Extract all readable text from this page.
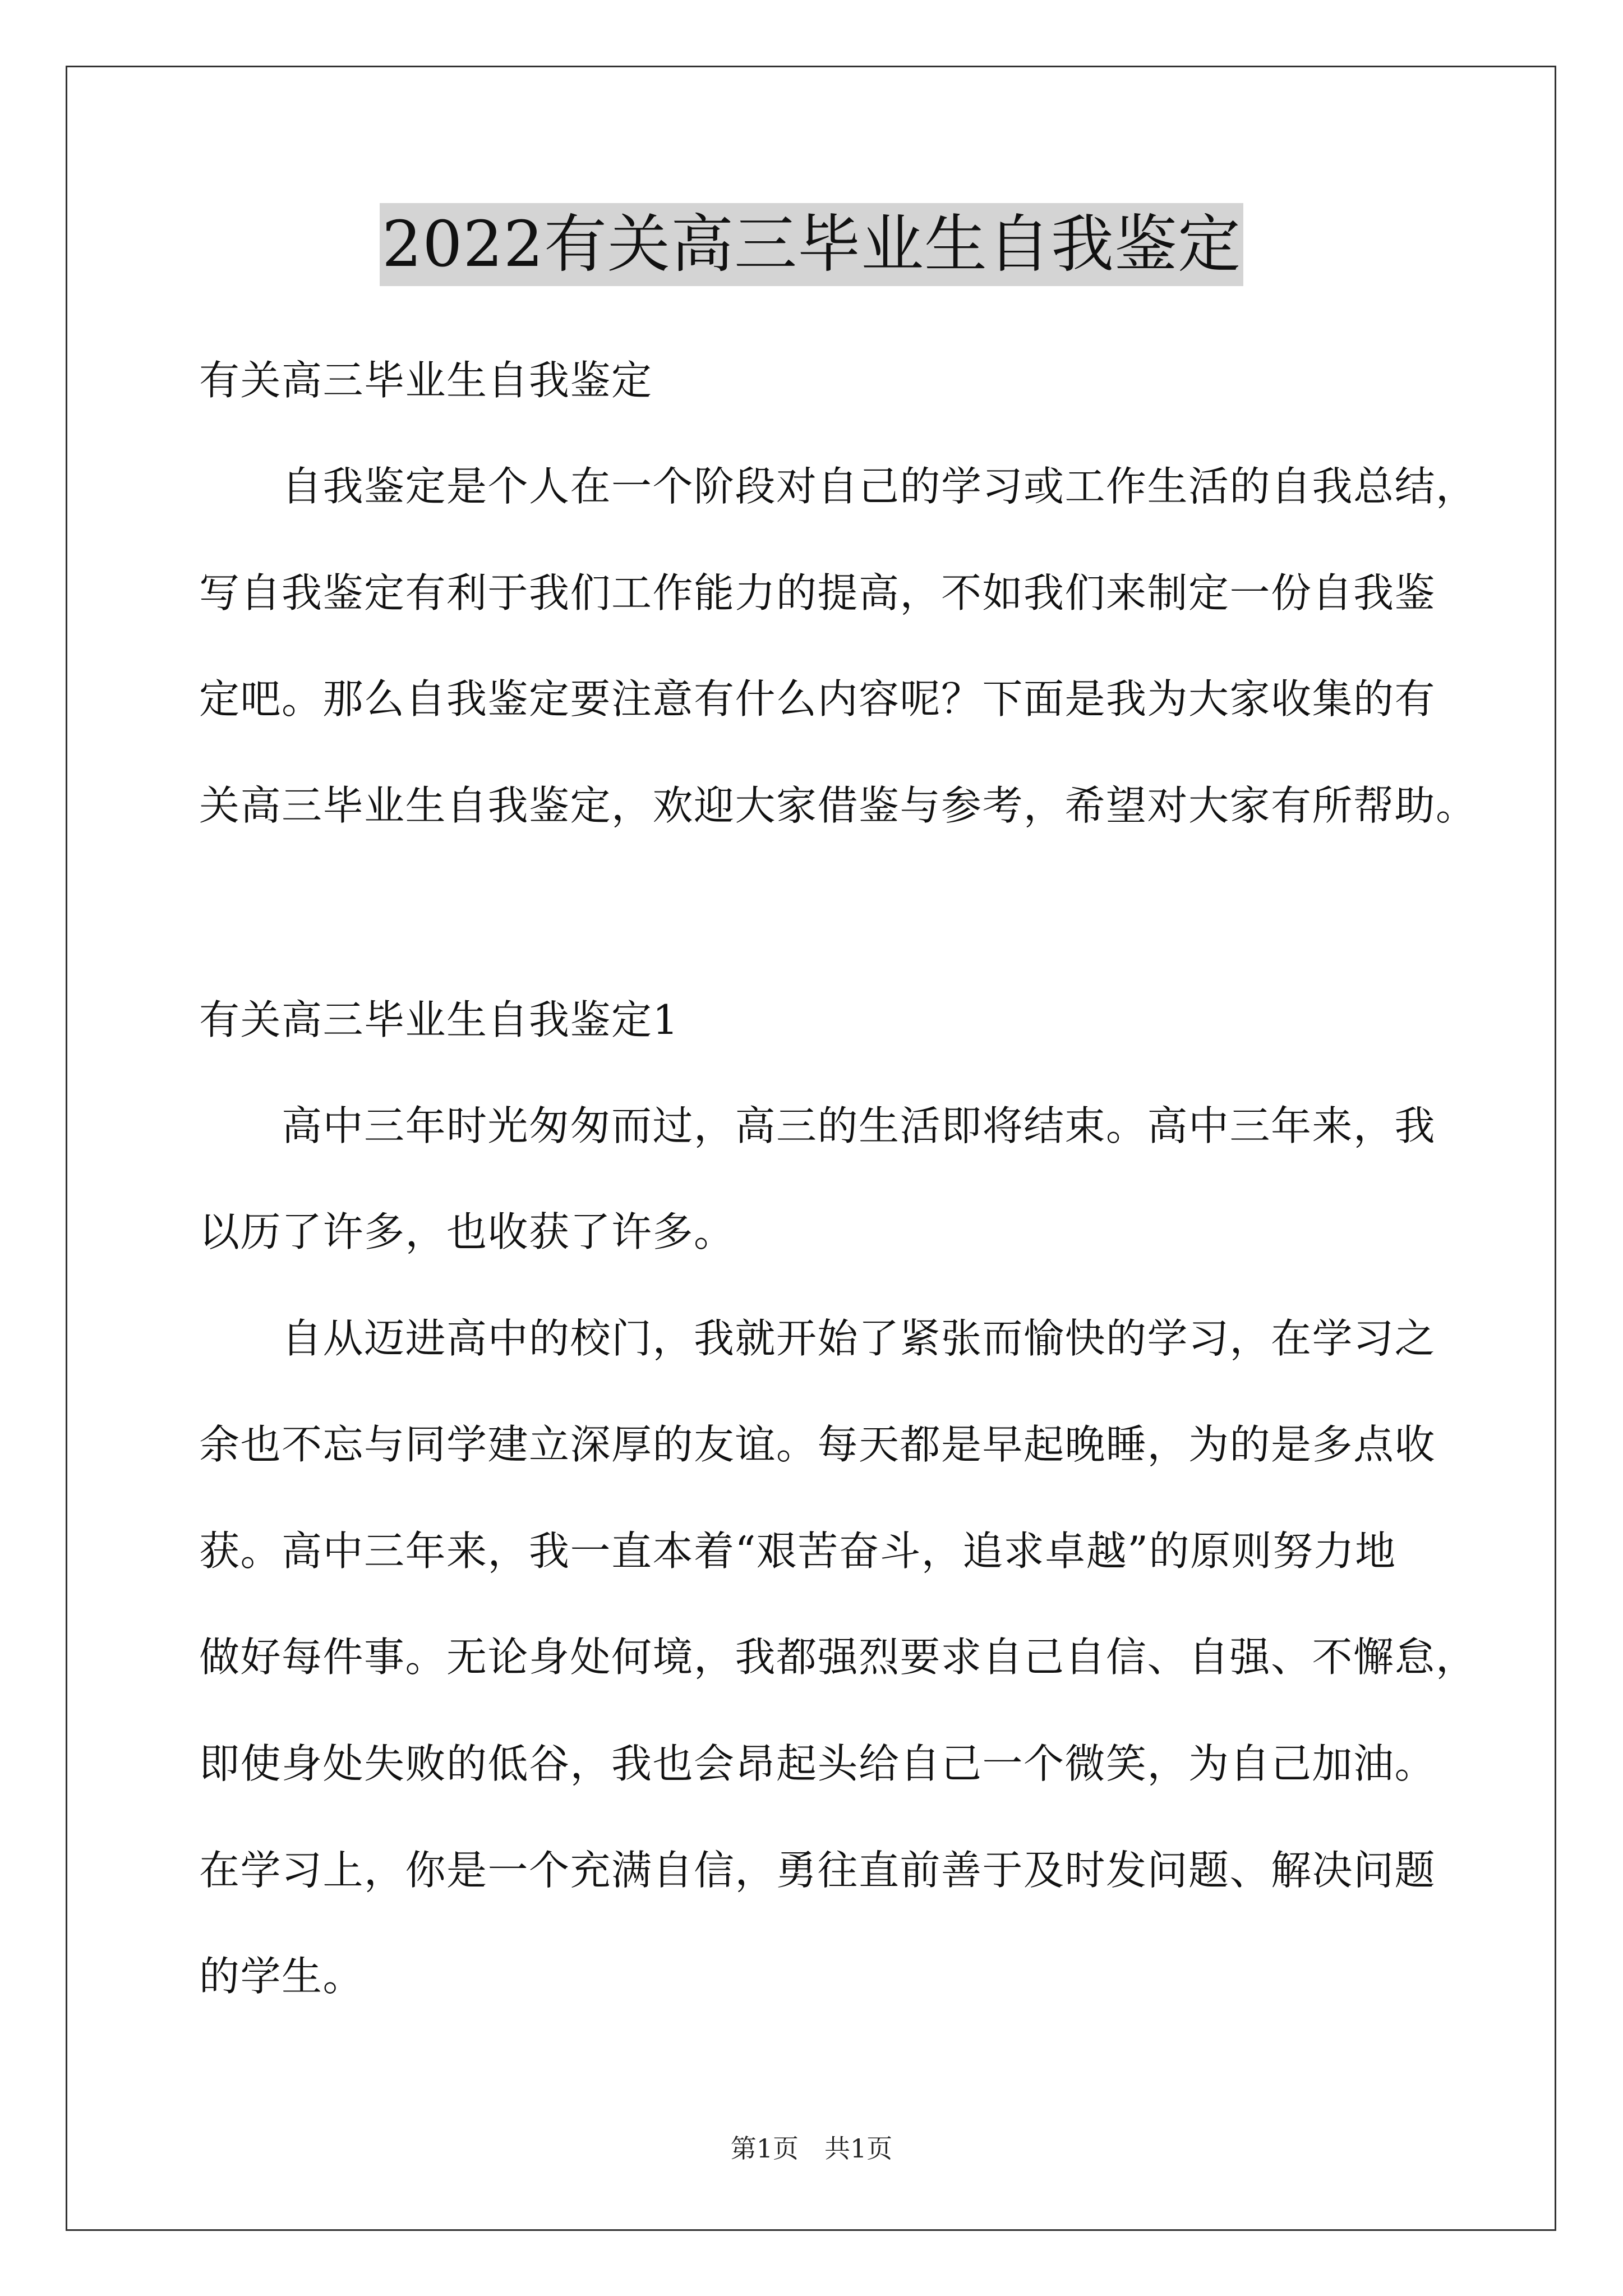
2022有关高三毕业生自我鉴定

有关高三毕业生自我鉴定

　　自我鉴定是个人在一个阶段对自己的学习或工作生活的自我总结，

写自我鉴定有利于我们工作能力的提高，不如我们来制定一份自我鉴

定吧。那么自我鉴定要注意有什么内容呢？下面是我为大家收集的有

关高三毕业生自我鉴定，欢迎大家借鉴与参考，希望对大家有所帮助。

有关高三毕业生自我鉴定1

　　高中三年时光匆匆而过，高三的生活即将结束。高中三年来，我

以历了许多，也收获了许多。

　　自从迈进高中的校门，我就开始了紧张而愉快的学习，在学习之

余也不忘与同学建立深厚的友谊。每天都是早起晚睡，为的是多点收

获。高中三年来，我一直本着“艰苦奋斗，追求卓越”的原则努力地

做好每件事。无论身处何境，我都强烈要求自己自信、自强、不懈怠，

即使身处失败的低谷，我也会昂起头给自己一个微笑，为自己加油。

在学习上，你是一个充满自信，勇往直前善于及时发问题、解决问题

的学生。

第1页　共1页
